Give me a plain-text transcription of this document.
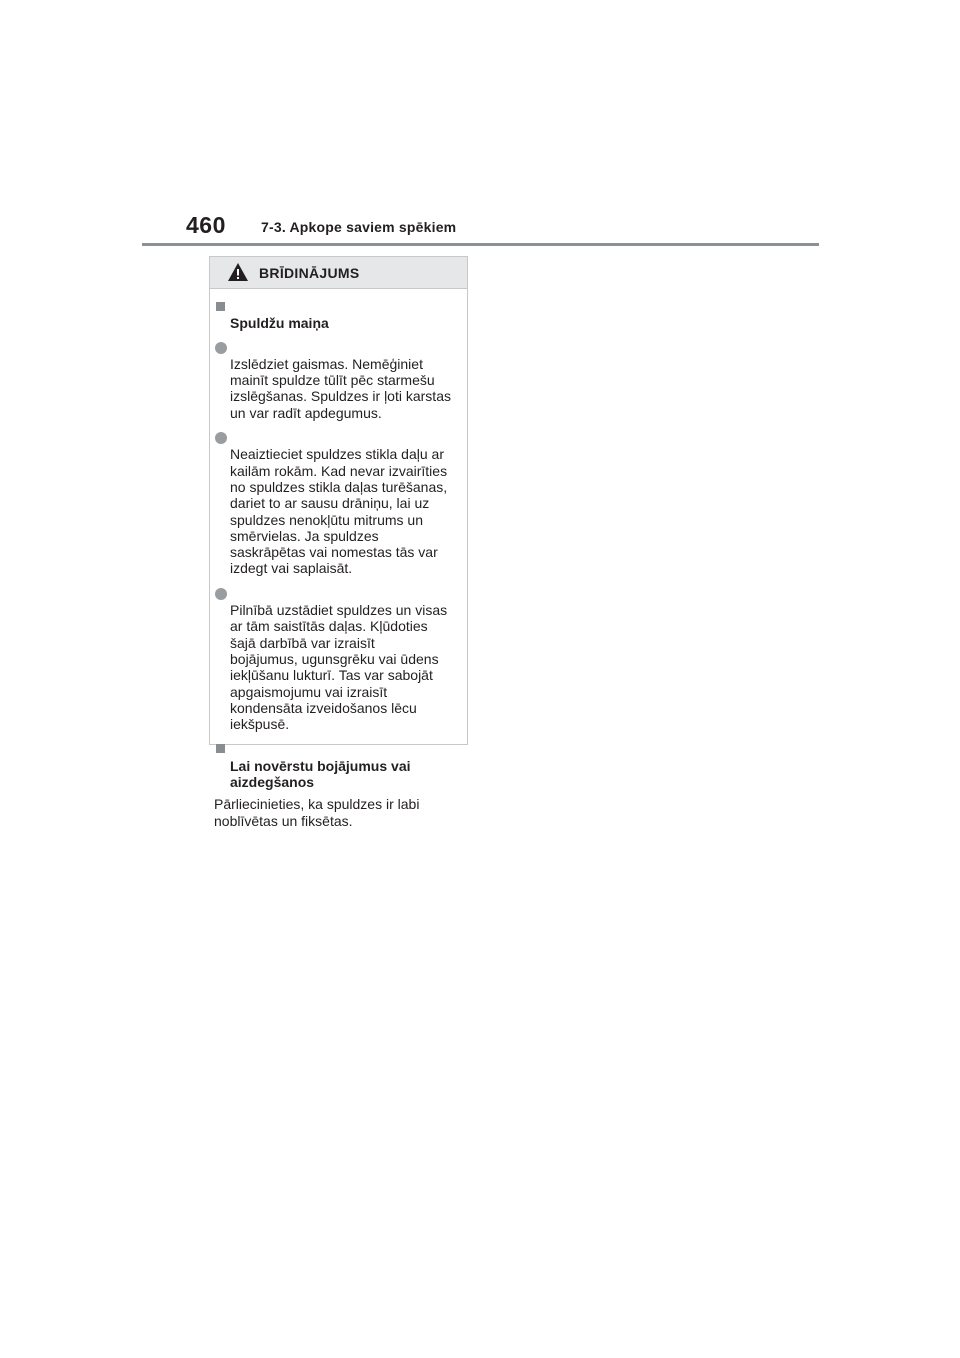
460	7-3. Apkope saviem spēkiem
BRĪDINĀJUMS

Spuldžu maiņa

Izslēdziet gaismas. Nemēģiniet
mainīt spuldze tūlīt pēc starmešu
izslēgšanas. Spuldzes ir ļoti karstas
un var radīt apdegumus.

Neaiztieciet spuldzes stikla daļu ar
kailām rokām. Kad nevar izvairīties
no spuldzes stikla daļas turēšanas,
dariet to ar sausu drāniņu, lai uz
spuldzes nenokļūtu mitrums un
smērvielas. Ja spuldzes
saskrāpētas vai nomestas tās var
izdegt vai saplaisāt.

Pilnībā uzstādiet spuldzes un visas
ar tām saistītās daļas. Kļūdoties
šajā darbībā var izraisīt
bojājumus, ugunsgrēku vai ūdens
iekļūšanu lukturī. Tas var sabojāt
apgaismojumu vai izraisīt
kondensāta izveidošanos lēcu
iekšpusē.

Lai novērstu bojājumus vai
aizdegšanos

Pārliecinieties, ka spuldzes ir labi
noblīvētas un fiksētas.
